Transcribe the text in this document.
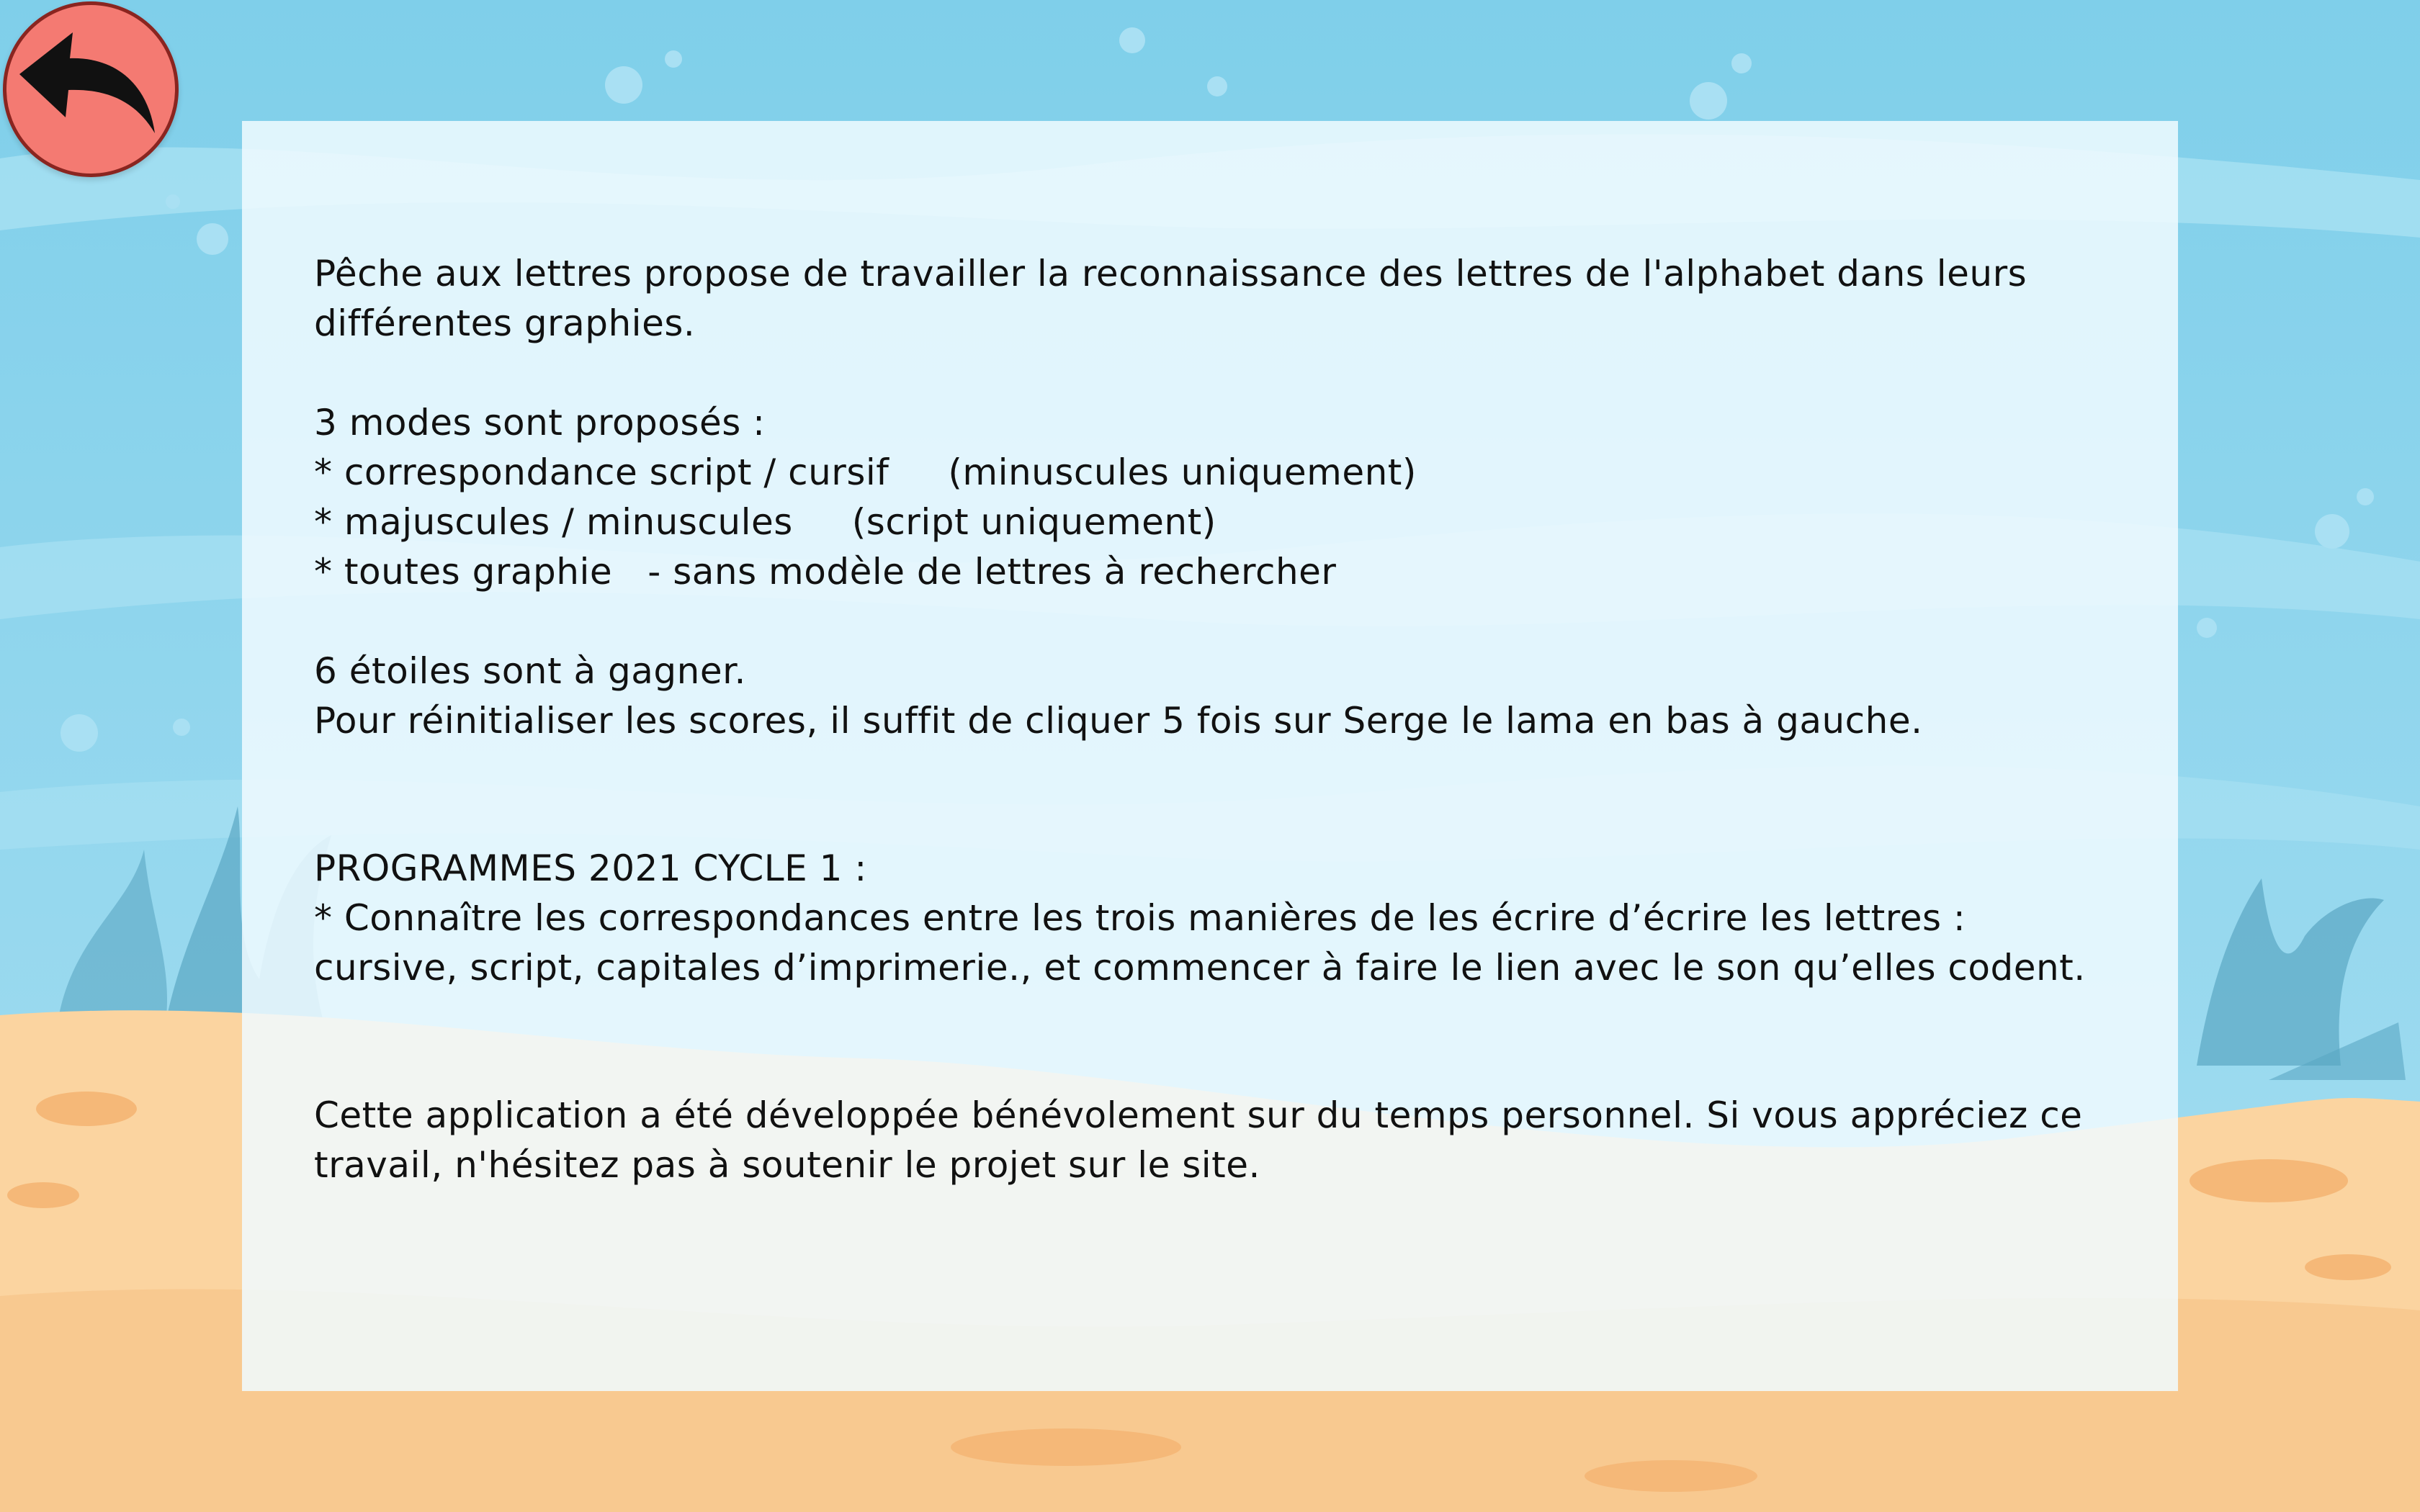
Pêche aux lettres propose de travailler la reconnaissance des lettres de l'alphabet dans leurs
différentes graphies.
3 modes sont proposés :
* correspondance script / cursif     (minuscules uniquement)
* majuscules / minuscules     (script uniquement)
* toutes graphie   - sans modèle de lettres à rechercher
6 étoiles sont à gagner.
Pour réinitialiser les scores, il suffit de cliquer 5 fois sur Serge le lama en bas à gauche.
PROGRAMMES 2021 CYCLE 1 :
* Connaître les correspondances entre les trois manières de les écrire d’écrire les lettres :
cursive, script, capitales d’imprimerie., et commencer à faire le lien avec le son qu’elles codent.
Cette application a été développée bénévolement sur du temps personnel. Si vous appréciez ce
travail, n'hésitez pas à soutenir le projet sur le site.
